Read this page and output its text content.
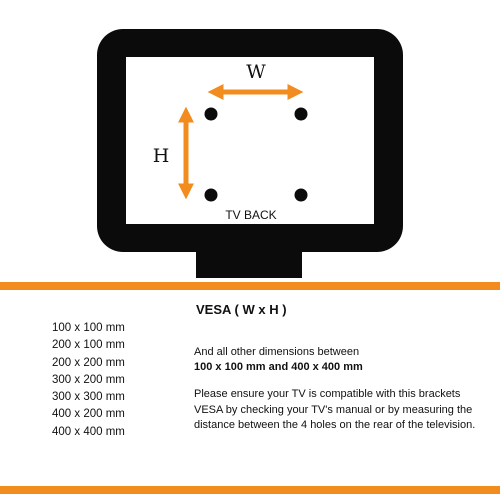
W
H
TV BACK
VESA ( W x H )
100 x 100 mm
200 x 100 mm
200 x 200 mm
300 x 200 mm
300 x 300 mm
400 x 200 mm
400 x 400 mm
And all other dimensions between
100 x 100 mm and 400 x 400 mm
Please ensure your TV is compatible with this brackets VESA by checking your TV's manual or by measuring the distance between the 4 holes on the rear of the television.
